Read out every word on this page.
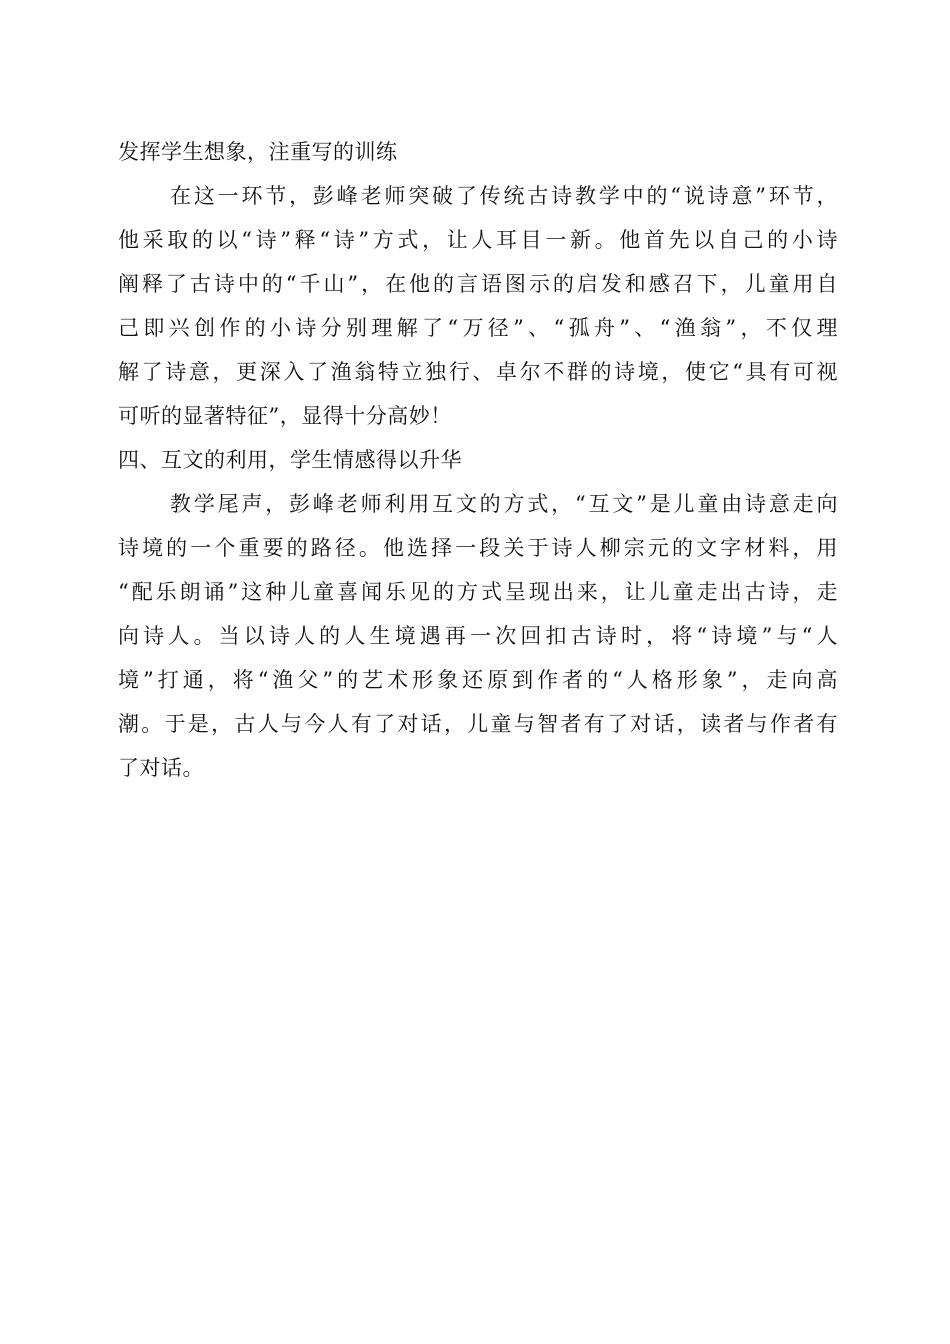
发挥学生想象，注重写的训练
在这一环节，彭峰老师突破了传统古诗教学中的“说诗意”环节，
他采取的以“诗”释“诗”方式，让人耳目一新。他首先以自己的小诗
阐释了古诗中的“千山”，在他的言语图示的启发和感召下，儿童用自
己即兴创作的小诗分别理解了“万径”、“孤舟”、“渔翁”，不仅理
解了诗意，更深入了渔翁特立独行、卓尔不群的诗境，使它“具有可视
可听的显著特征”，显得十分高妙！
四、互文的利用，学生情感得以升华
教学尾声，彭峰老师利用互文的方式，“互文”是儿童由诗意走向
诗境的一个重要的路径。他选择一段关于诗人柳宗元的文字材料，用
“配乐朗诵”这种儿童喜闻乐见的方式呈现出来，让儿童走出古诗，走
向诗人。当以诗人的人生境遇再一次回扣古诗时，将“诗境”与“人
境”打通，将“渔父”的艺术形象还原到作者的“人格形象”，走向高
潮。于是，古人与今人有了对话，儿童与智者有了对话，读者与作者有
了对话。
